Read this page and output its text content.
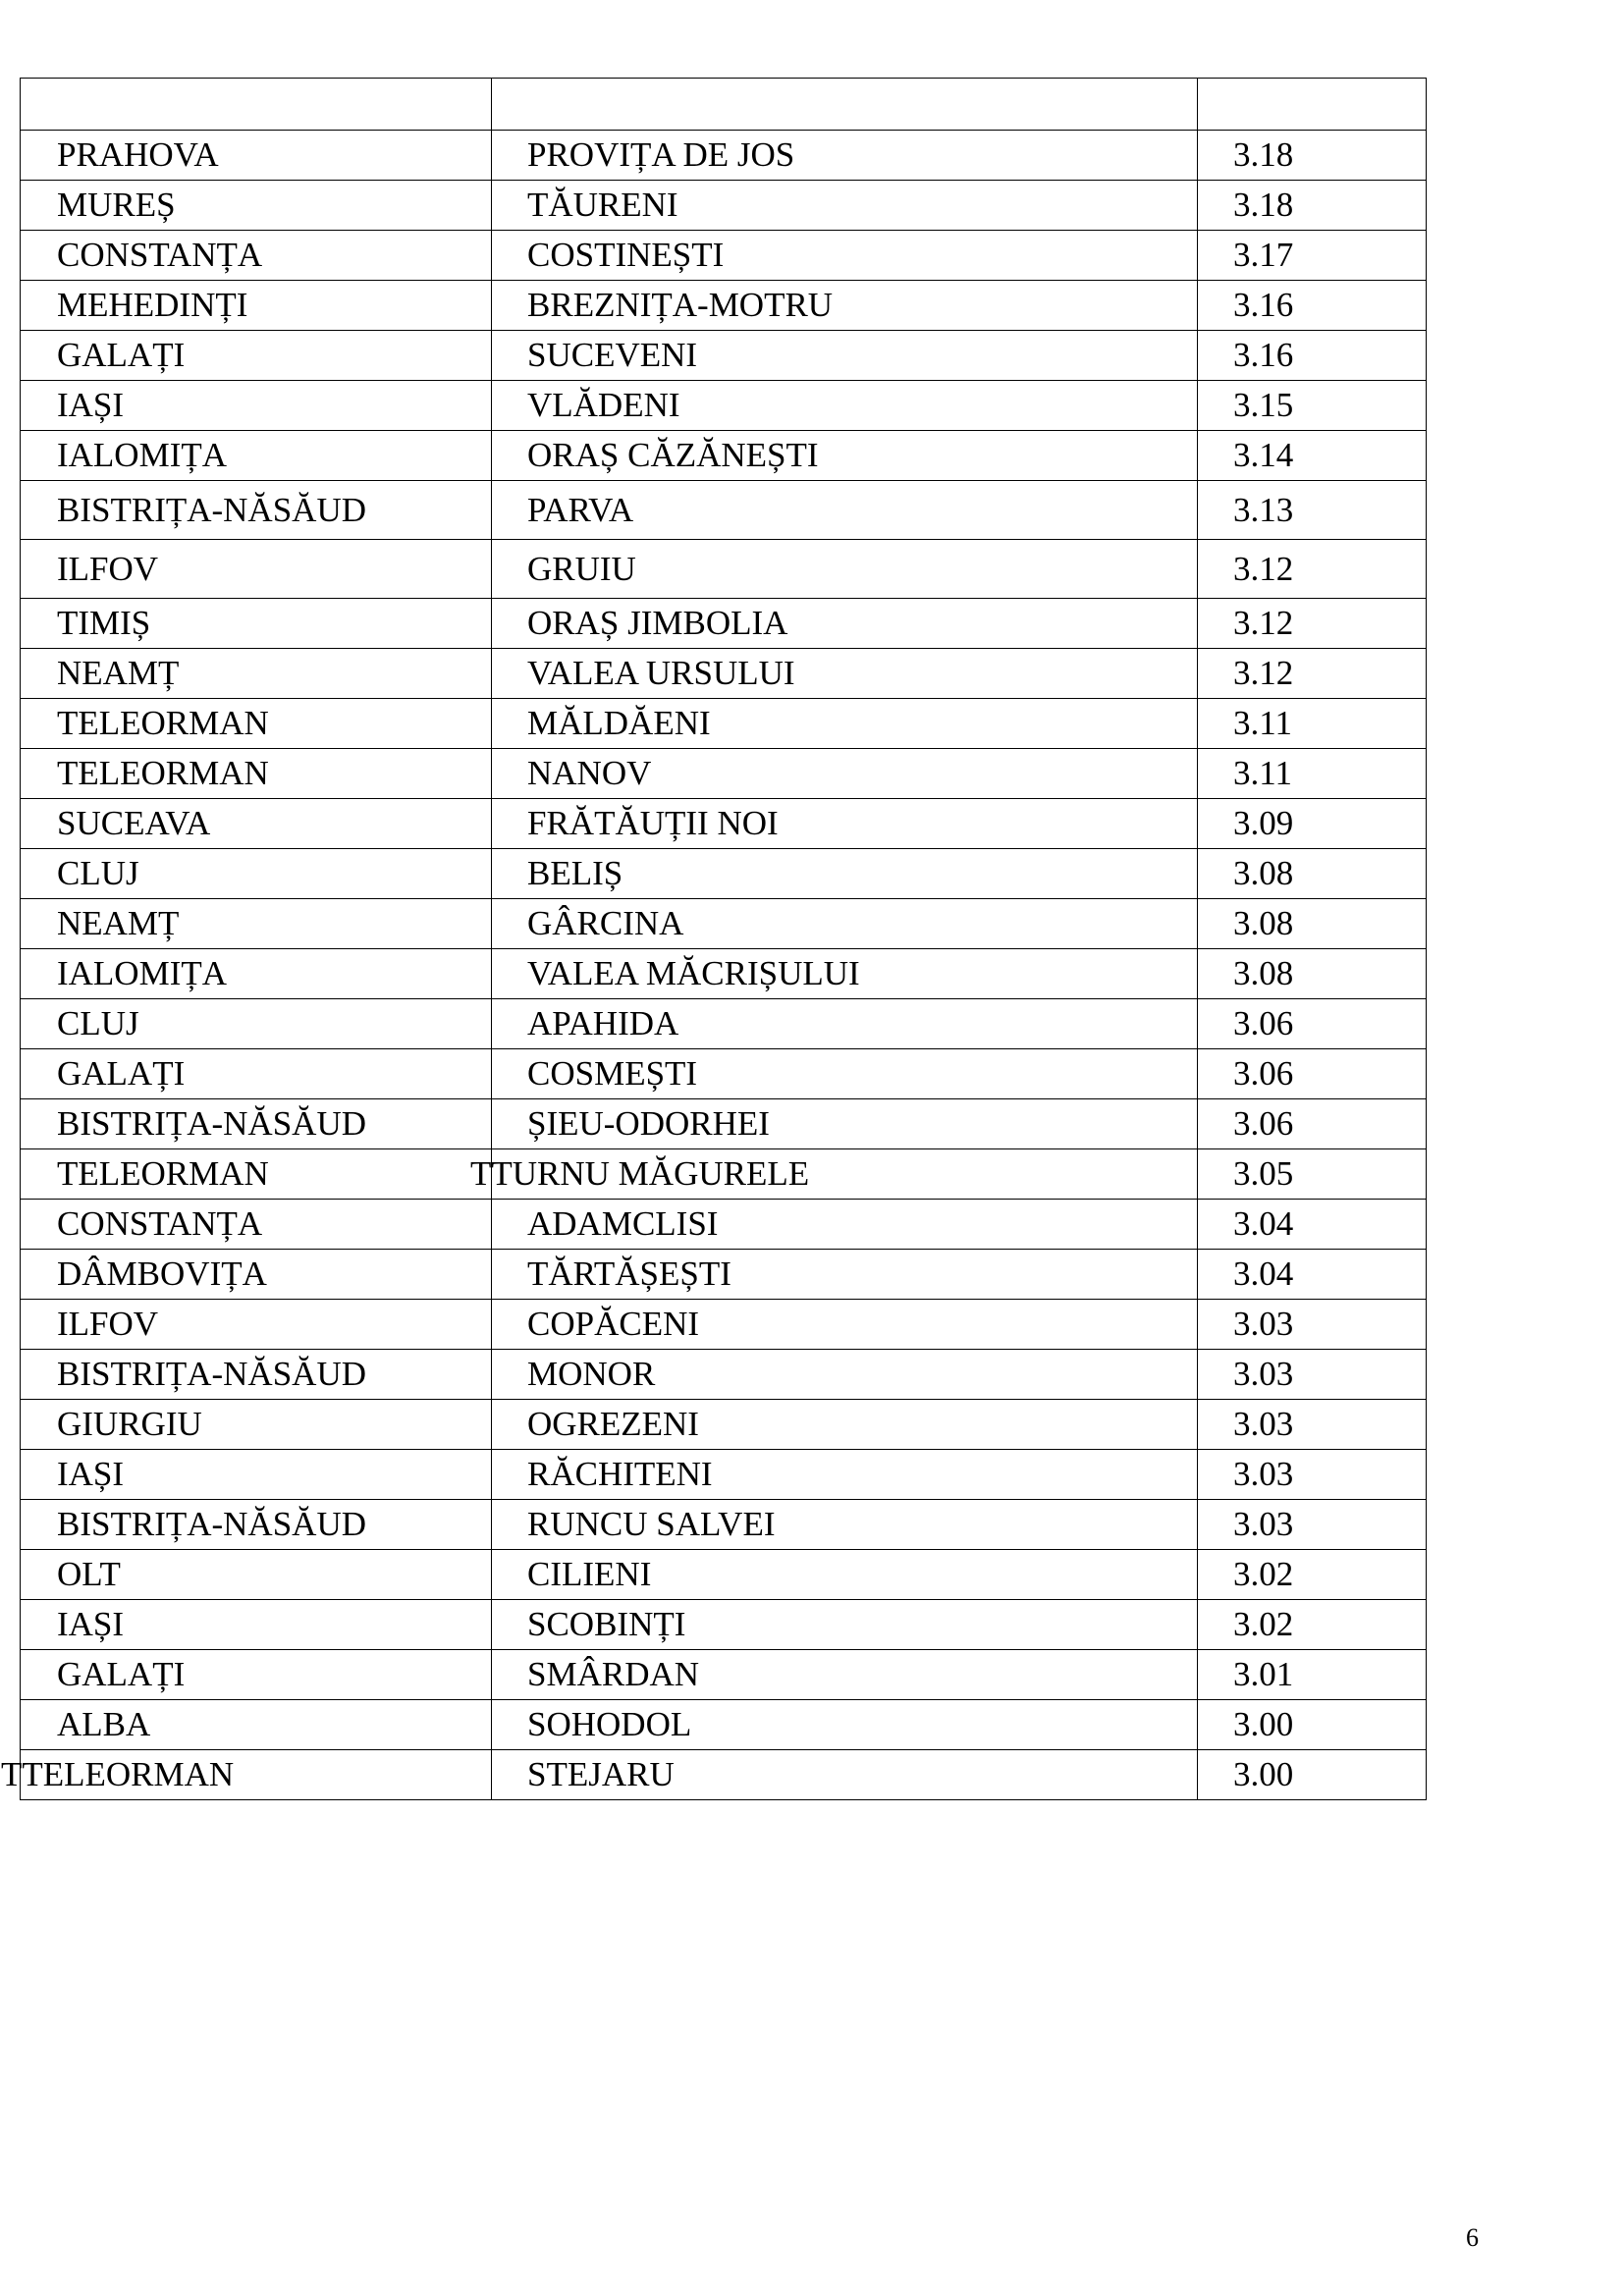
PRAHOVA	PROVIȚA DE JOS	3.18
MUREȘ	TĂURENI	3.18
CONSTANȚA	COSTINEȘTI	3.17
MEHEDINȚI	BREZNIȚA-MOTRU	3.16
GALAȚI	SUCEVENI	3.16
IAȘI	VLĂDENI	3.15
IALOMIȚA	ORAȘ CĂZĂNEȘTI	3.14
BISTRIȚA-NĂSĂUD	PARVA	3.13
ILFOV	GRUIU	3.12
TIMIȘ	ORAȘ JIMBOLIA	3.12
NEAMȚ	VALEA URSULUI	3.12
TELEORMAN	MĂLDĂENI	3.11
TELEORMAN	NANOV	3.11
SUCEAVA	FRĂTĂUȚII NOI	3.09
CLUJ	BELIȘ	3.08
NEAMȚ	GÂRCINA	3.08
IALOMIȚA	VALEA MĂCRIȘULUI	3.08
CLUJ	APAHIDA	3.06
GALAȚI	COSMEȘTI	3.06
BISTRIȚA-NĂSĂUD	ȘIEU-ODORHEI	3.06
TELEORMAN	TTURNU MĂGURELE	3.05
CONSTANȚA	ADAMCLISI	3.04
DÂMBOVIȚA	TĂRTĂȘEȘTI	3.04
ILFOV	COPĂCENI	3.03
BISTRIȚA-NĂSĂUD	MONOR	3.03
GIURGIU	OGREZENI	3.03
IAȘI	RĂCHITENI	3.03
BISTRIȚA-NĂSĂUD	RUNCU SALVEI	3.03
OLT	CILIENI	3.02
IAȘI	SCOBINȚI	3.02
GALAȚI	SMÂRDAN	3.01
ALBA	SOHODOL	3.00
TTELEORMAN	STEJARU	3.00
6
